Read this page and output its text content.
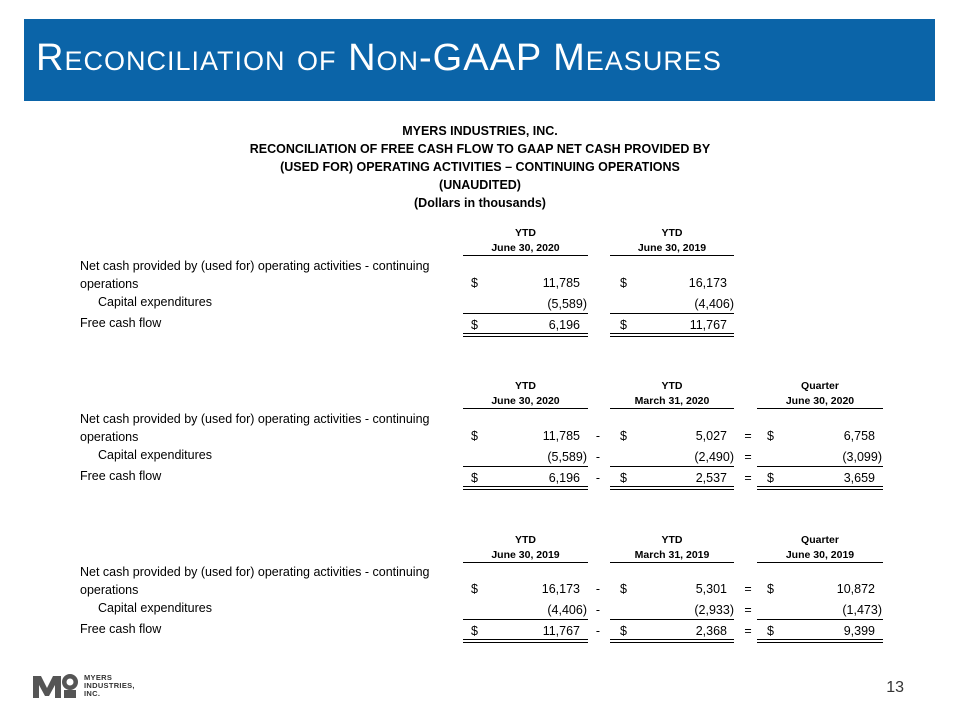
Reconciliation of Non-GAAP Measures
MYERS INDUSTRIES, INC.
RECONCILIATION OF FREE CASH FLOW TO GAAP NET CASH PROVIDED BY
(USED FOR) OPERATING ACTIVITIES – CONTINUING OPERATIONS
(UNAUDITED)
(Dollars in thousands)
YTD
June 30, 2020
YTD
June 30, 2019
Net cash provided by (used for) operating activities - continuing
operations	$	11,785	$	16,173
Capital expenditures	(5,589)	(4,406)
Free cash flow	$	6,196	$	11,767
YTD
June 30, 2020
YTD
March 31, 2020
Quarter
June 30, 2020
Net cash provided by (used for) operating activities - continuing
operations	$	11,785	-	$	5,027	=	$	6,758
Capital expenditures	(5,589) -	(2,490) =	(3,099)
Free cash flow	$	6,196	-	$	2,537	=	$	3,659
YTD
June 30, 2019
YTD
March 31, 2019
Quarter
June 30, 2019
Net cash provided by (used for) operating activities - continuing
operations	$	16,173	-	$	5,301	=	$	10,872
Capital expenditures	(4,406) -	(2,933) =	(1,473)
Free cash flow	$	11,767	-	$	2,368	=	$	9,399
MYERS
INDUSTRIES,
INC.	13
